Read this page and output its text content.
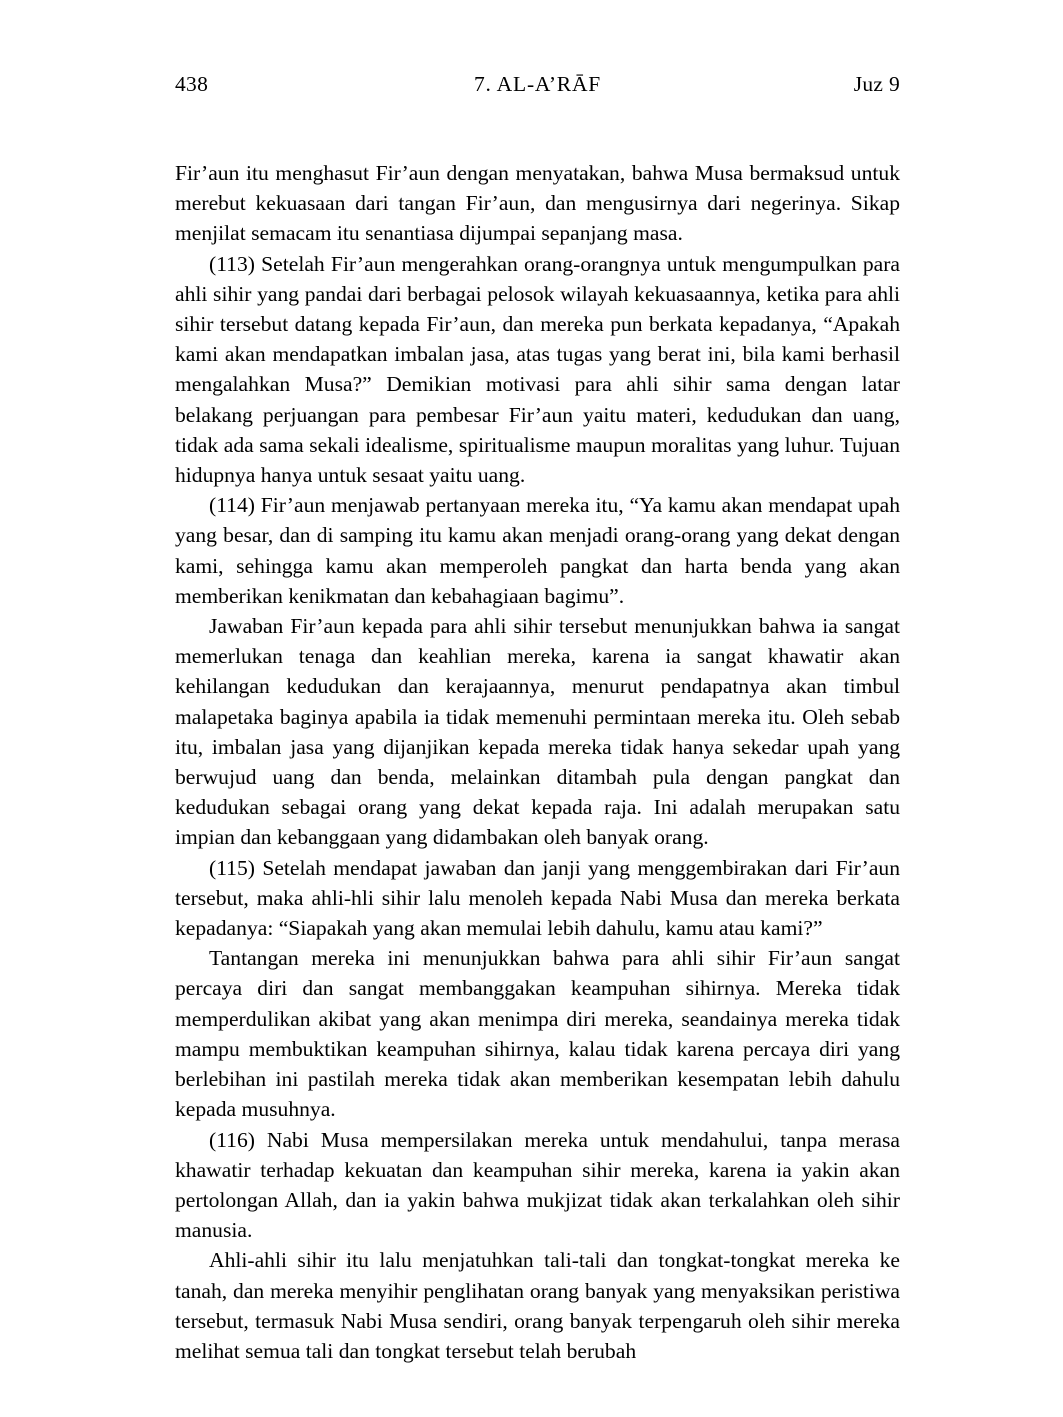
438	7. AL-A’RĀF	Juz 9

Fir’aun itu menghasut Fir’aun dengan menyatakan, bahwa Musa bermaksud untuk merebut kekuasaan dari tangan Fir’aun, dan mengusirnya dari negerinya. Sikap menjilat semacam itu senantiasa dijumpai sepanjang masa.

(113) Setelah Fir’aun mengerahkan orang-orangnya untuk mengumpulkan para ahli sihir yang pandai dari berbagai pelosok wilayah kekuasaannya, ketika para ahli sihir tersebut datang kepada Fir’aun, dan mereka pun berkata kepadanya, “Apakah kami akan mendapatkan imbalan jasa, atas tugas yang berat ini, bila kami berhasil mengalahkan Musa?” Demikian motivasi para ahli sihir sama dengan latar belakang perjuangan para pembesar Fir’aun yaitu materi, kedudukan dan uang, tidak ada sama sekali idealisme, spiritualisme maupun moralitas yang luhur. Tujuan hidupnya hanya untuk sesaat yaitu uang.

(114) Fir’aun menjawab pertanyaan mereka itu, “Ya kamu akan mendapat upah yang besar, dan di samping itu kamu akan menjadi orang-orang yang dekat dengan kami, sehingga kamu akan memperoleh pangkat dan harta benda yang akan memberikan kenikmatan dan kebahagiaan bagimu”.

Jawaban Fir’aun kepada para ahli sihir tersebut menunjukkan bahwa ia sangat memerlukan tenaga dan keahlian mereka, karena ia sangat khawatir akan kehilangan kedudukan dan kerajaannya, menurut pendapatnya akan timbul malapetaka baginya apabila ia tidak memenuhi permintaan mereka itu. Oleh sebab itu, imbalan jasa yang dijanjikan kepada mereka tidak hanya sekedar upah yang berwujud uang dan benda, melainkan ditambah pula dengan pangkat dan kedudukan sebagai orang yang dekat kepada raja. Ini adalah merupakan satu impian dan kebanggaan yang didambakan oleh banyak orang.

(115) Setelah mendapat jawaban dan janji yang menggembirakan dari Fir’aun tersebut, maka ahli-hli sihir lalu menoleh kepada Nabi Musa dan mereka berkata kepadanya: “Siapakah yang akan memulai lebih dahulu, kamu atau kami?”

Tantangan mereka ini menunjukkan bahwa para ahli sihir Fir’aun sangat percaya diri dan sangat membanggakan keampuhan sihirnya. Mereka tidak memperdulikan akibat yang akan menimpa diri mereka, seandainya mereka tidak mampu membuktikan keampuhan sihirnya, kalau tidak karena percaya diri yang berlebihan ini pastilah mereka tidak akan memberikan kesempatan lebih dahulu kepada musuhnya.

(116) Nabi Musa mempersilakan mereka untuk mendahului, tanpa merasa khawatir terhadap kekuatan dan keampuhan sihir mereka, karena ia yakin akan pertolongan Allah, dan ia yakin bahwa mukjizat tidak akan terkalahkan oleh sihir manusia.

Ahli-ahli sihir itu lalu menjatuhkan tali-tali dan tongkat-tongkat mereka ke tanah, dan mereka menyihir penglihatan orang banyak yang menyaksikan peristiwa tersebut, termasuk Nabi Musa sendiri, orang banyak terpengaruh oleh sihir mereka melihat semua tali dan tongkat tersebut telah berubah
